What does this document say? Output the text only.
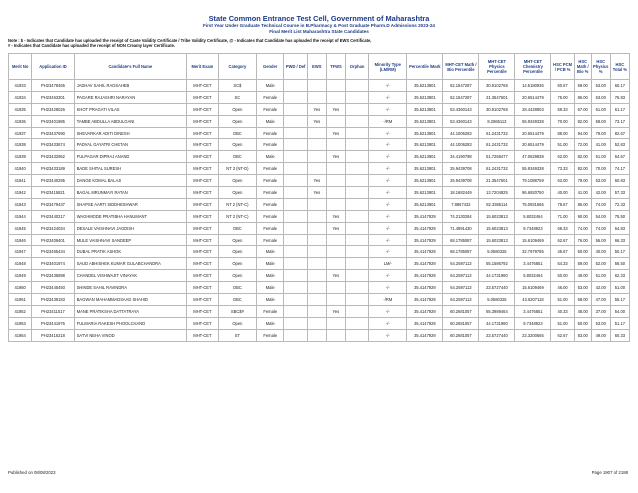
State Common Entrance Test Cell, Government of Maharashtra
First Year Under Graduate Technical Course in B.Pharmacy & Post Graduate Pharm.D Admissions 2023-24
Final Merit List Maharashtra State Candidates
Note : $ - Indicates that Candidate has uploaded the receipt of Caste Validity Certificate / Tribe Validity Certificate, @ - Indicates that Candidate has uploaded the receipt of EWS Certificate,
# - Indicates that Candidate has uploaded the receipt of NON Creamy layer Certificate.
Merit No	Application ID	Candidate's Full Name	Merit Exam	Category	Gender	PWD / Def	EWS	TFWS	Orphan	Minority Type (LM/RM)	Percentile /Mark	MHT-CET Math / Bio Percentile	MHT-CET Physics Percentile	MHT-CET Chemistry Percentile	HSC PCM / PCB %	HSC Math / Bio %	HSC Physics %	HSC Total %
41933	PH23478465	JADHAV SAHIL RAOSAHEB	MHT-CET	SC$	Male					-/-	35.6213901	62.1547287	30.9102768	14.5180936	60.67	69.00	53.00	60.17
41934	PH23463301	PAGARE RAJASHRI NARAYAN	MHT-CET	SC	Female					-/-	35.6213901	62.1547287	21.3547601	20.6514479	75.00	86.00	63.00	76.83
41935	PH23428026	KHOT PRAGATI VILAS	MHT-CET	Open	Female		Yes	Yes		-/-	35.6213901	53.4360143	30.9102768	28.4428903	59.33	67.00	61.00	61.17
41936	PH23401985	TAMBE ABDULLA ABDULGANI	MHT-CET	Open	Male		Yes			-/RM	35.6213901	53.4360143	8.2865113	55.9349338	70.00	82.00	59.00	73.17
41937	PH23437690	SHEVARKAR ADITI DINESH	MHT-CET	OBC	Female			Yes		-/-	35.6213901	44.1006283	61.2431732	20.6514479	88.00	94.00	79.00	82.67
41938	PH23433674	PADVAL GAYATRI CHETAN	MHT-CET	Open	Female					-/-	35.6213901	44.1006283	61.2431732	20.6514479	51.00	72.00	41.00	52.83
41939	PH23432952	FULPAGAR DIPRAJ ANAND	MHT-CET	OBC	Male			Yes		-/-	35.6213901	34.4190798	51.7268477	47.0629838	62.00	82.00	51.00	64.67
41940	PH23433189	BADE SHITAL SURESH	MHT-CET	NT 3 (NT-D)	Female					-/-	35.6213901	25.9439708	61.2431732	55.9349338	73.33	82.00	70.00	74.17
41941	PH23440295	DANGE KOMAL BALAJI	MHT-CET	Open	Female		Yes			-/-	35.6213901	25.9439708	21.3547601	79.1088759	63.00	79.00	53.00	60.83
41942	PH23415821	BAGAL MRUNMAYI RATAN	MHT-CET	Open	Female		Yes			-/-	35.6213901	18.1682449	13.7204825	86.6920750	40.00	41.00	42.00	57.33
41943	PH23479437	SHAPSE AARTI SIDDHESHWAR	MHT-CET	NT 2 (NT-C)	Female					-/-	35.6213901	7.8867432	82.3386114	75.0931566	78.67	86.00	74.00	72.33
41944	PH23440217	WAGHMODE PRATIBHA HANUMANT	MHT-CET	NT 2 (NT-C)	Female			Yes		-/-	35.4147929	74.2130284	15.6023813	5.8032464	71.00	90.00	54.00	75.50
41945	PH23424034	DESALE VAISHNAVI JAGDISH	MHT-CET	OBC	Female			Yes		-/-	35.4147929	71.4891430	15.6023813	9.7348923	69.33	74.00	74.00	64.83
41946	PH23409401	MULE VAISHNAVI SANDEEP	MHT-CET	Open	Female					-/-	35.4147929	68.1785087	15.6023813	15.6109469	62.67	76.00	56.00	66.33
41947	PH23465434	DUBAL PRATIK ASHOK	MHT-CET	Open	Male					-/-	35.4147929	68.1785087	5.0580325	32.7979785	45.67	50.00	40.00	50.17
41948	PH23401974	SAUD ABHISHEK KUMAR GULABCHANDRA	MHT-CET	Open	Male					LM/-	35.4147929	64.2597113	55.1586792	3.4476851	54.33	59.00	52.00	58.50
41949	PH23435898	CHANDEL VISHWAJIT VINAYAK	MHT-CET	Open	Male			Yes		-/-	35.4147929	64.2597113	44.1731980	5.8032464	50.00	49.00	51.00	62.33
41950	PH23445493	SHINDE SAHIL RAVINDRA	MHT-CET	OBC	Male					-/-	35.4147929	64.2597113	23.5727440	15.6109469	46.00	53.00	42.00	51.00
41951	PH23439183	BAGWAN MAHAMMADSAAD SHAHID	MHT-CET	OBC	Male					-/RM	35.4147929	64.2597113	5.0580325	43.6207118	51.00	58.00	47.00	55.17
41952	PH23411517	MANE PRATIKSHA DATTATRAYA	MHT-CET	SBC$#	Female			Yes		-/-	35.4147929	60.2681057	65.3989464	3.4476851	40.33	48.00	37.00	54.00
41953	PH23441976	FULMARIA RAKESH PHOOLCHAND	MHT-CET	Open	Male					-/-	35.4147929	60.2681057	44.1731980	9.7348923	51.00	50.00	53.00	51.17
41954	PH23416218	SATVI NEHA VINOD	MHT-CET	ST	Female					-/-	35.4147929	60.2681057	23.5727440	23.3200565	62.67	83.00	49.00	60.33
Published on 08/08/2023	Page 1907 of 2188
